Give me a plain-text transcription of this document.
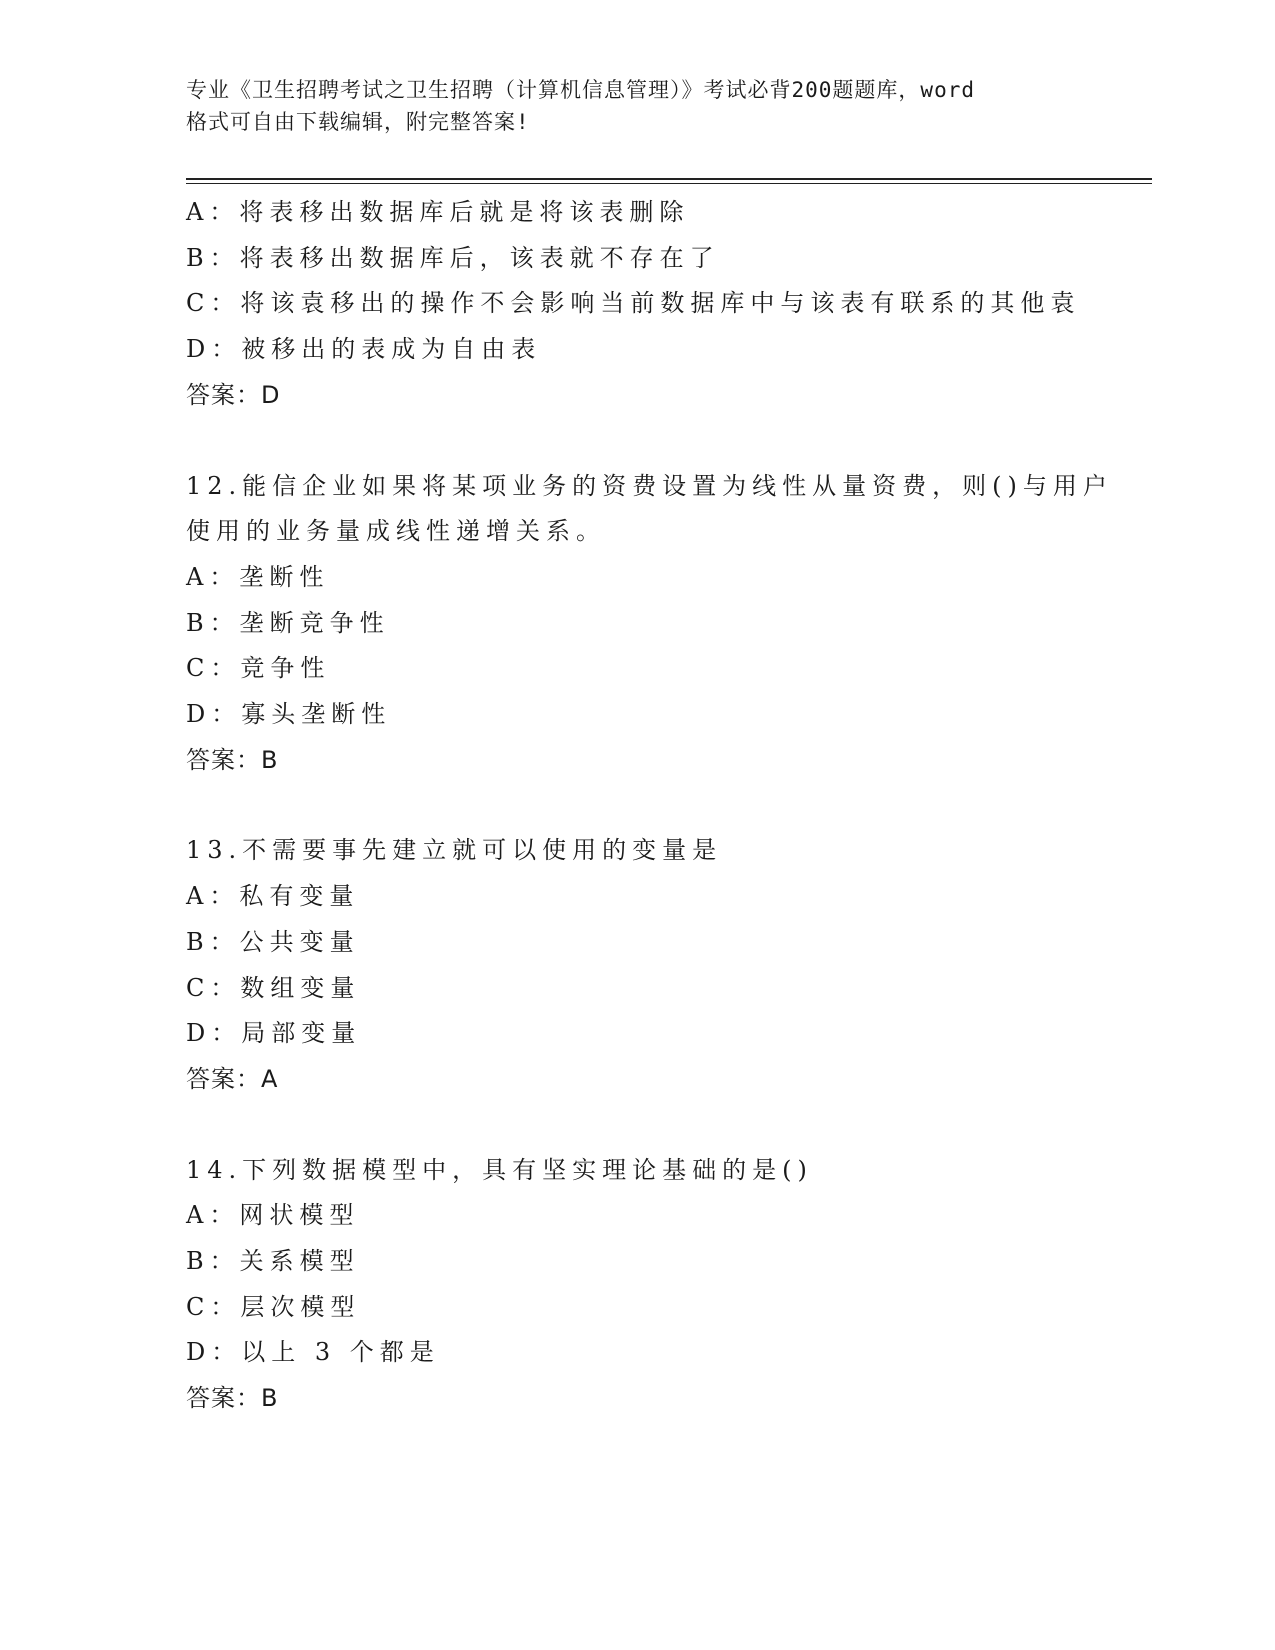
专业《卫生招聘考试之卫生招聘（计算机信息管理）》考试必背200题题库，word
格式可自由下载编辑，附完整答案!
A：将表移出数据库后就是将该表删除
B：将表移出数据库后，该表就不存在了
C：将该袁移出的操作不会影响当前数据库中与该表有联系的其他袁
D：被移出的表成为自由表
答案：D
12.能信企业如果将某项业务的资费设置为线性从量资费，则()与用户
使用的业务量成线性递增关系。
A：垄断性
B：垄断竞争性
C：竞争性
D：寡头垄断性
答案：B
13.不需要事先建立就可以使用的变量是
A：私有变量
B：公共变量
C：数组变量
D：局部变量
答案：A
14.下列数据模型中，具有坚实理论基础的是()
A：网状模型
B：关系模型
C：层次模型
D：以上 3 个都是
答案：B
